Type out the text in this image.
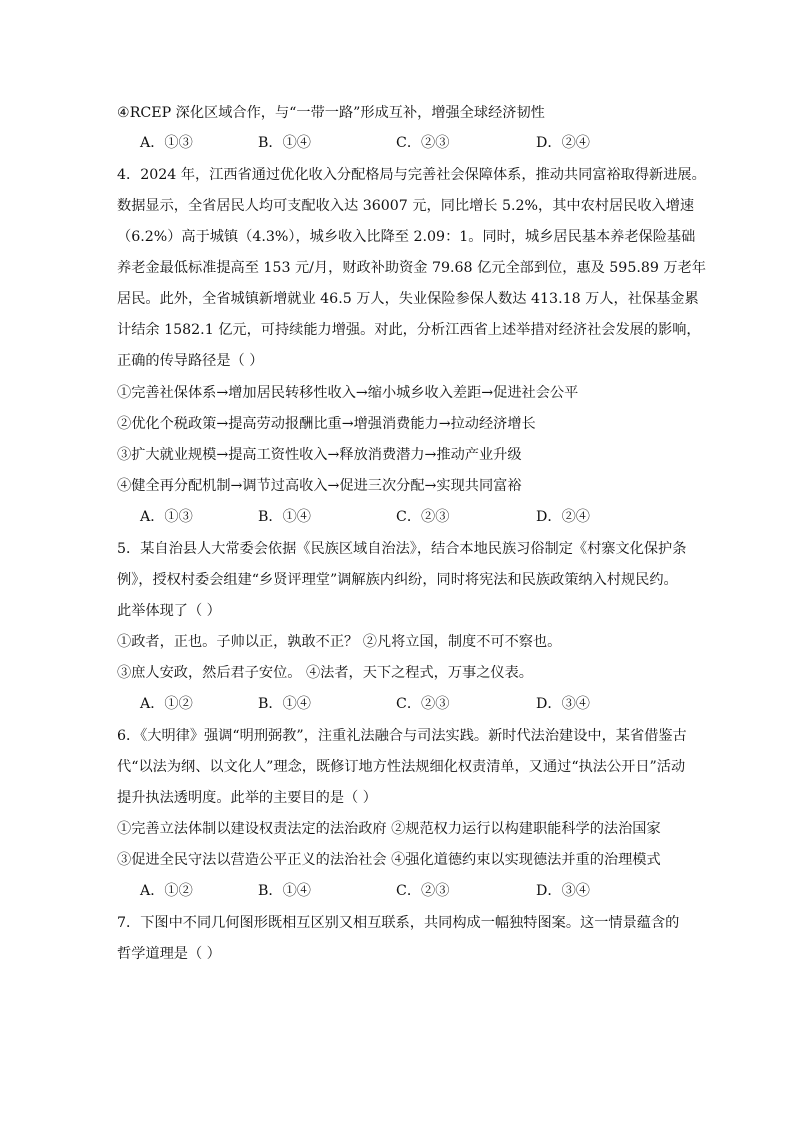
④RCEP 深化区域合作，与“一带一路”形成互补，增强全球经济韧性
A．①③	B．①④	C．②③	D．②④
4．2024 年，江西省通过优化收入分配格局与完善社会保障体系，推动共同富裕取得新进展。
数据显示，全省居民人均可支配收入达 36007 元，同比增长 5.2%，其中农村居民收入增速
（6.2%）高于城镇（4.3%），城乡收入比降至 2.09：1。同时，城乡居民基本养老保险基础
养老金最低标准提高至 153 元/月，财政补助资金 79.68 亿元全部到位，惠及 595.89 万老年
居民。此外，全省城镇新增就业 46.5 万人，失业保险参保人数达 413.18 万人，社保基金累
计结余 1582.1 亿元，可持续能力增强。对此，分析江西省上述举措对经济社会发展的影响，
正确的传导路径是（ ）
①完善社保体系→增加居民转移性收入→缩小城乡收入差距→促进社会公平
②优化个税政策→提高劳动报酬比重→增强消费能力→拉动经济增长
③扩大就业规模→提高工资性收入→释放消费潜力→推动产业升级
④健全再分配机制→调节过高收入→促进三次分配→实现共同富裕
A．①③	B．①④	C．②③	D．②④
5．某自治县人大常委会依据《民族区域自治法》，结合本地民族习俗制定《村寨文化保护条
例》，授权村委会组建“乡贤评理堂”调解族内纠纷，同时将宪法和民族政策纳入村规民约。
此举体现了（ ）
①政者，正也。子帅以正，孰敢不正？ ②凡将立国，制度不可不察也。
③庶人安政，然后君子安位。 ④法者，天下之程式，万事之仪表。
A．①②	B．①④	C．②③	D．③④
6．《大明律》强调“明刑弼教”，注重礼法融合与司法实践。新时代法治建设中，某省借鉴古
代“以法为纲、以文化人”理念，既修订地方性法规细化权责清单，又通过“执法公开日”活动
提升执法透明度。此举的主要目的是（ ）
①完善立法体制以建设权责法定的法治政府 ②规范权力运行以构建职能科学的法治国家
③促进全民守法以营造公平正义的法治社会 ④强化道德约束以实现德法并重的治理模式
A．①②	B．①④	C．②③	D．③④
7．下图中不同几何图形既相互区别又相互联系，共同构成一幅独特图案。这一情景蕴含的
哲学道理是（ ）
